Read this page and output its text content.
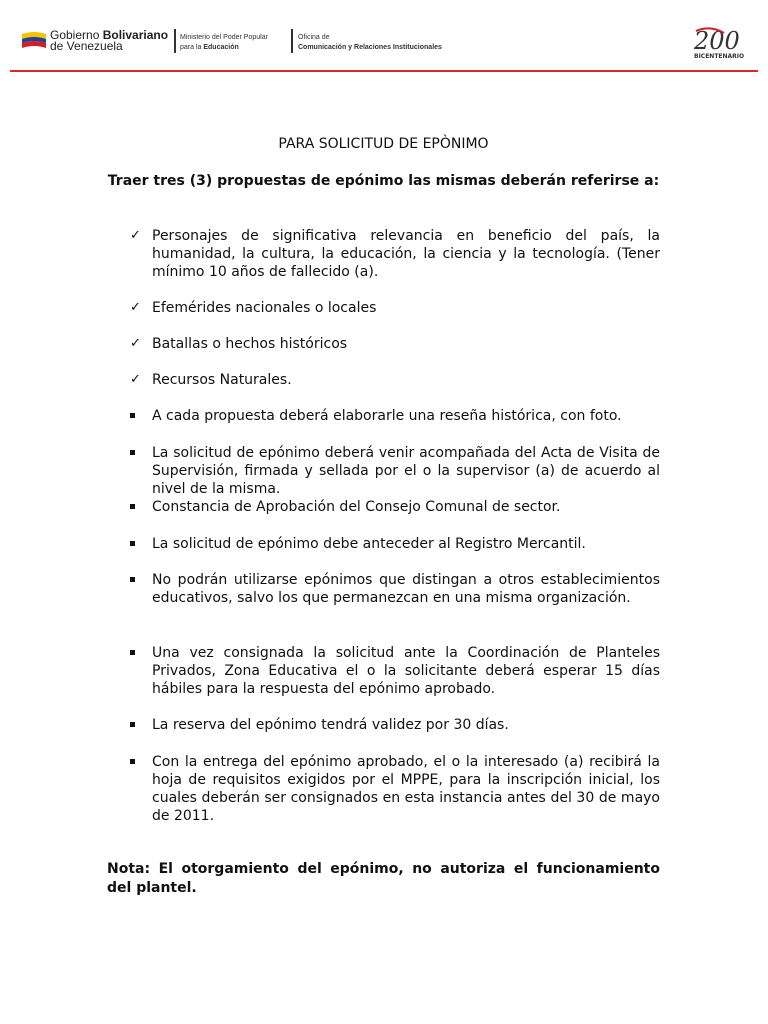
Gobierno Bolivariano
de Venezuela
Ministerio del Poder Popular
para la Educación
Oficina de
Comunicación y Relaciones Institucionales	200
BICENTENARIO
PARA SOLICITUD DE EPÒNIMO
Traer tres (3) propuestas de epónimo las mismas deberán referirse a:
✓ Personajes de significativa relevancia en beneficio del país, la humanidad, la cultura, la educación, la ciencia y la tecnología. (Tener mínimo 10 años de fallecido (a).
✓ Efemérides nacionales o locales
✓ Batallas o hechos históricos
✓ Recursos Naturales.
A cada propuesta deberá elaborarle una reseña histórica, con foto.
La solicitud de epónimo deberá venir acompañada del Acta de Visita de Supervisión, firmada y sellada por el o la supervisor (a) de acuerdo al nivel de la misma.
Constancia de Aprobación del Consejo Comunal de sector.
La solicitud de epónimo debe anteceder al Registro Mercantil.
No podrán utilizarse epónimos que distingan a otros establecimientos educativos, salvo los que permanezcan en una misma organización.
Una vez consignada la solicitud ante la Coordinación de Planteles Privados, Zona Educativa el o la solicitante deberá esperar 15 días hábiles para la respuesta del epónimo aprobado.
La reserva del epónimo tendrá validez por 30 días.
Con la entrega del epónimo aprobado, el o la interesado (a) recibirá la hoja de requisitos exigidos por el MPPE, para la inscripción inicial, los cuales deberán ser consignados en esta instancia antes del 30 de mayo de 2011.
Nota: El otorgamiento del epónimo, no autoriza el funcionamiento del plantel.
